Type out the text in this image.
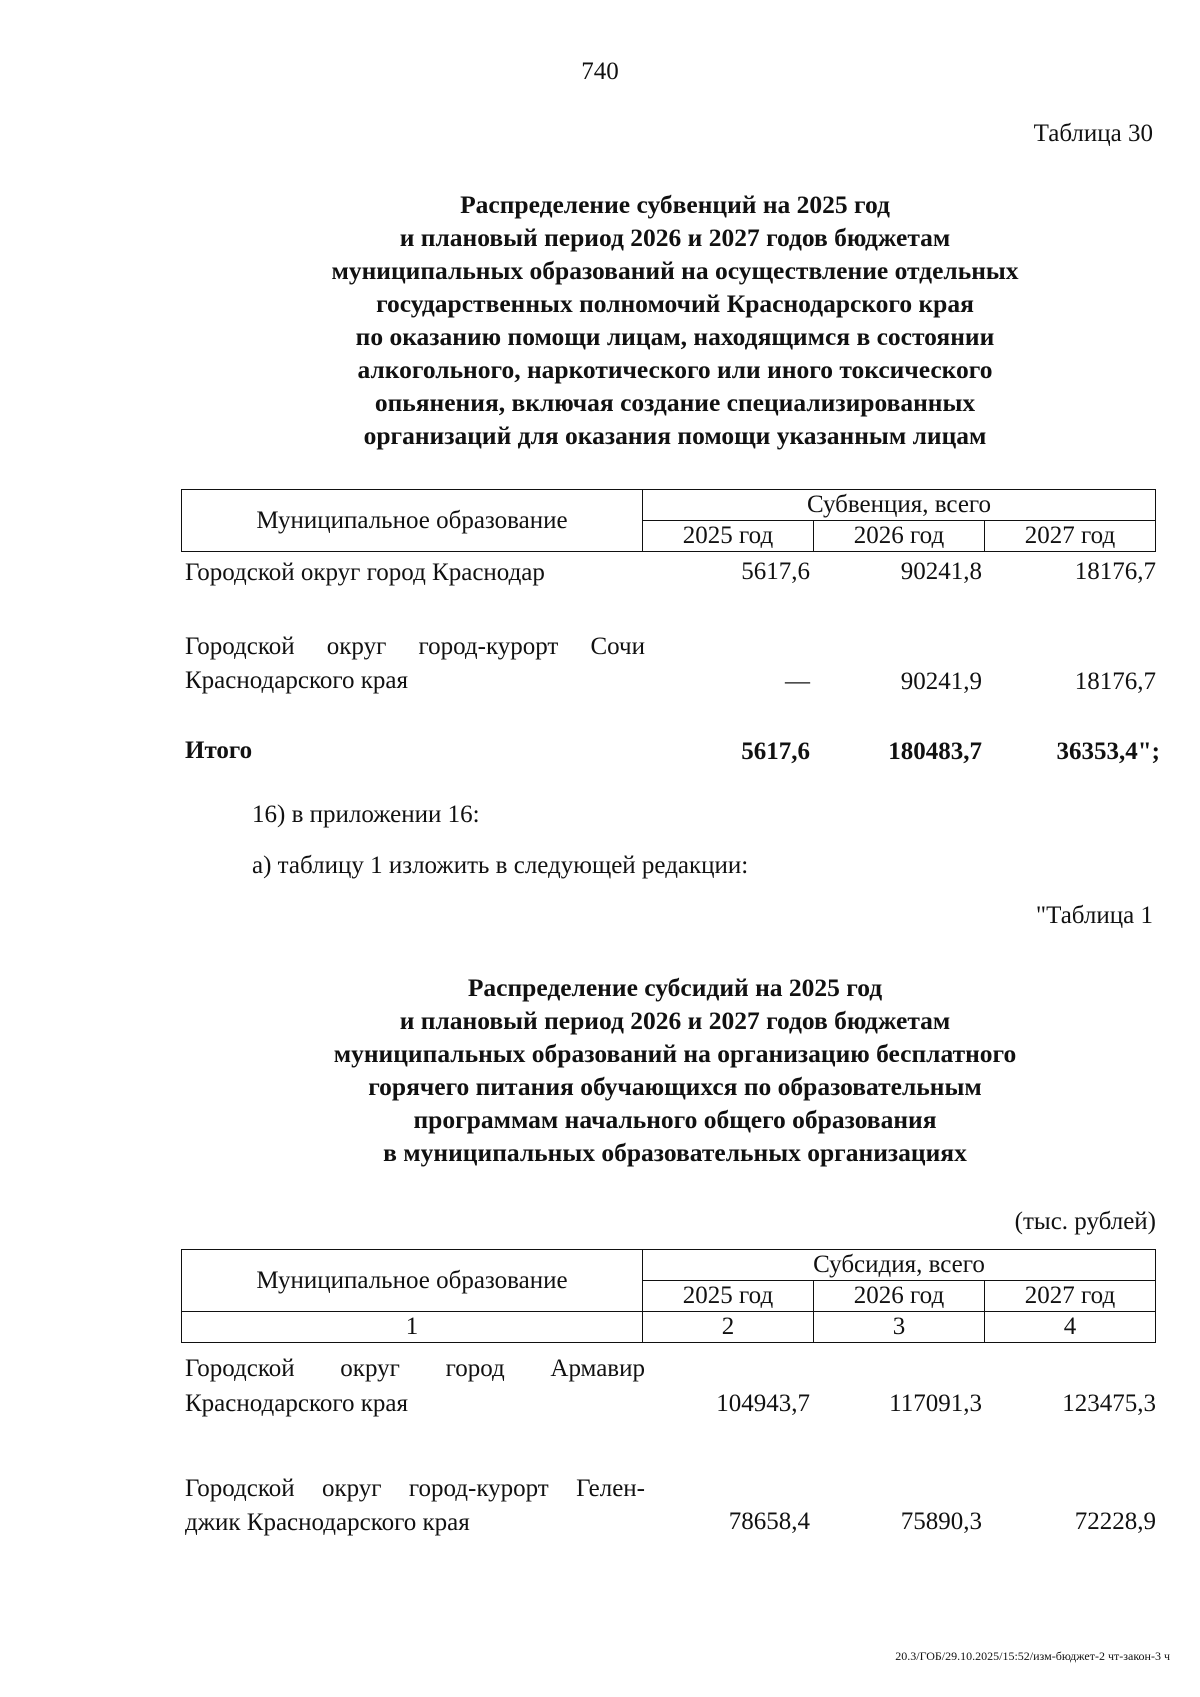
740
Таблица 30
Распределение субвенций на 2025 год
и плановый период 2026 и 2027 годов бюджетам
муниципальных образований на осуществление отдельных
государственных полномочий Краснодарского края
по оказанию помощи лицам, находящимся в состоянии
алкогольного, наркотического или иного токсического
опьянения, включая создание специализированных
организаций для оказания помощи указанным лицам
Муниципальное образование	Субвенция, всего		
	2025 год	2026 год	2027 год
Городской округ город Краснодар	5617,6	90241,8	18176,7
Городской округ город-курорт Сочи
Краснодарского края	—	90241,9	18176,7
Итого	5617,6	180483,7	36353,4";
16) в приложении 16:
а) таблицу 1 изложить в следующей редакции:
"Таблица 1
Распределение субсидий на 2025 год
и плановый период 2026 и 2027 годов бюджетам
муниципальных образований на организацию бесплатного
горячего питания обучающихся по образовательным
программам начального общего образования
в муниципальных образовательных организациях
(тыс. рублей)
Муниципальное образование	Субсидия, всего		
	2025 год	2026 год	2027 год
1	2	3	4
Городской округ город Армавир
Краснодарского края	104943,7	117091,3	123475,3
Городской округ город-курорт Гелен-
джик Краснодарского края	78658,4	75890,3	72228,9
20.3/ГОБ/29.10.2025/15:52/изм-бюджет-2 чт-закон-3 ч
